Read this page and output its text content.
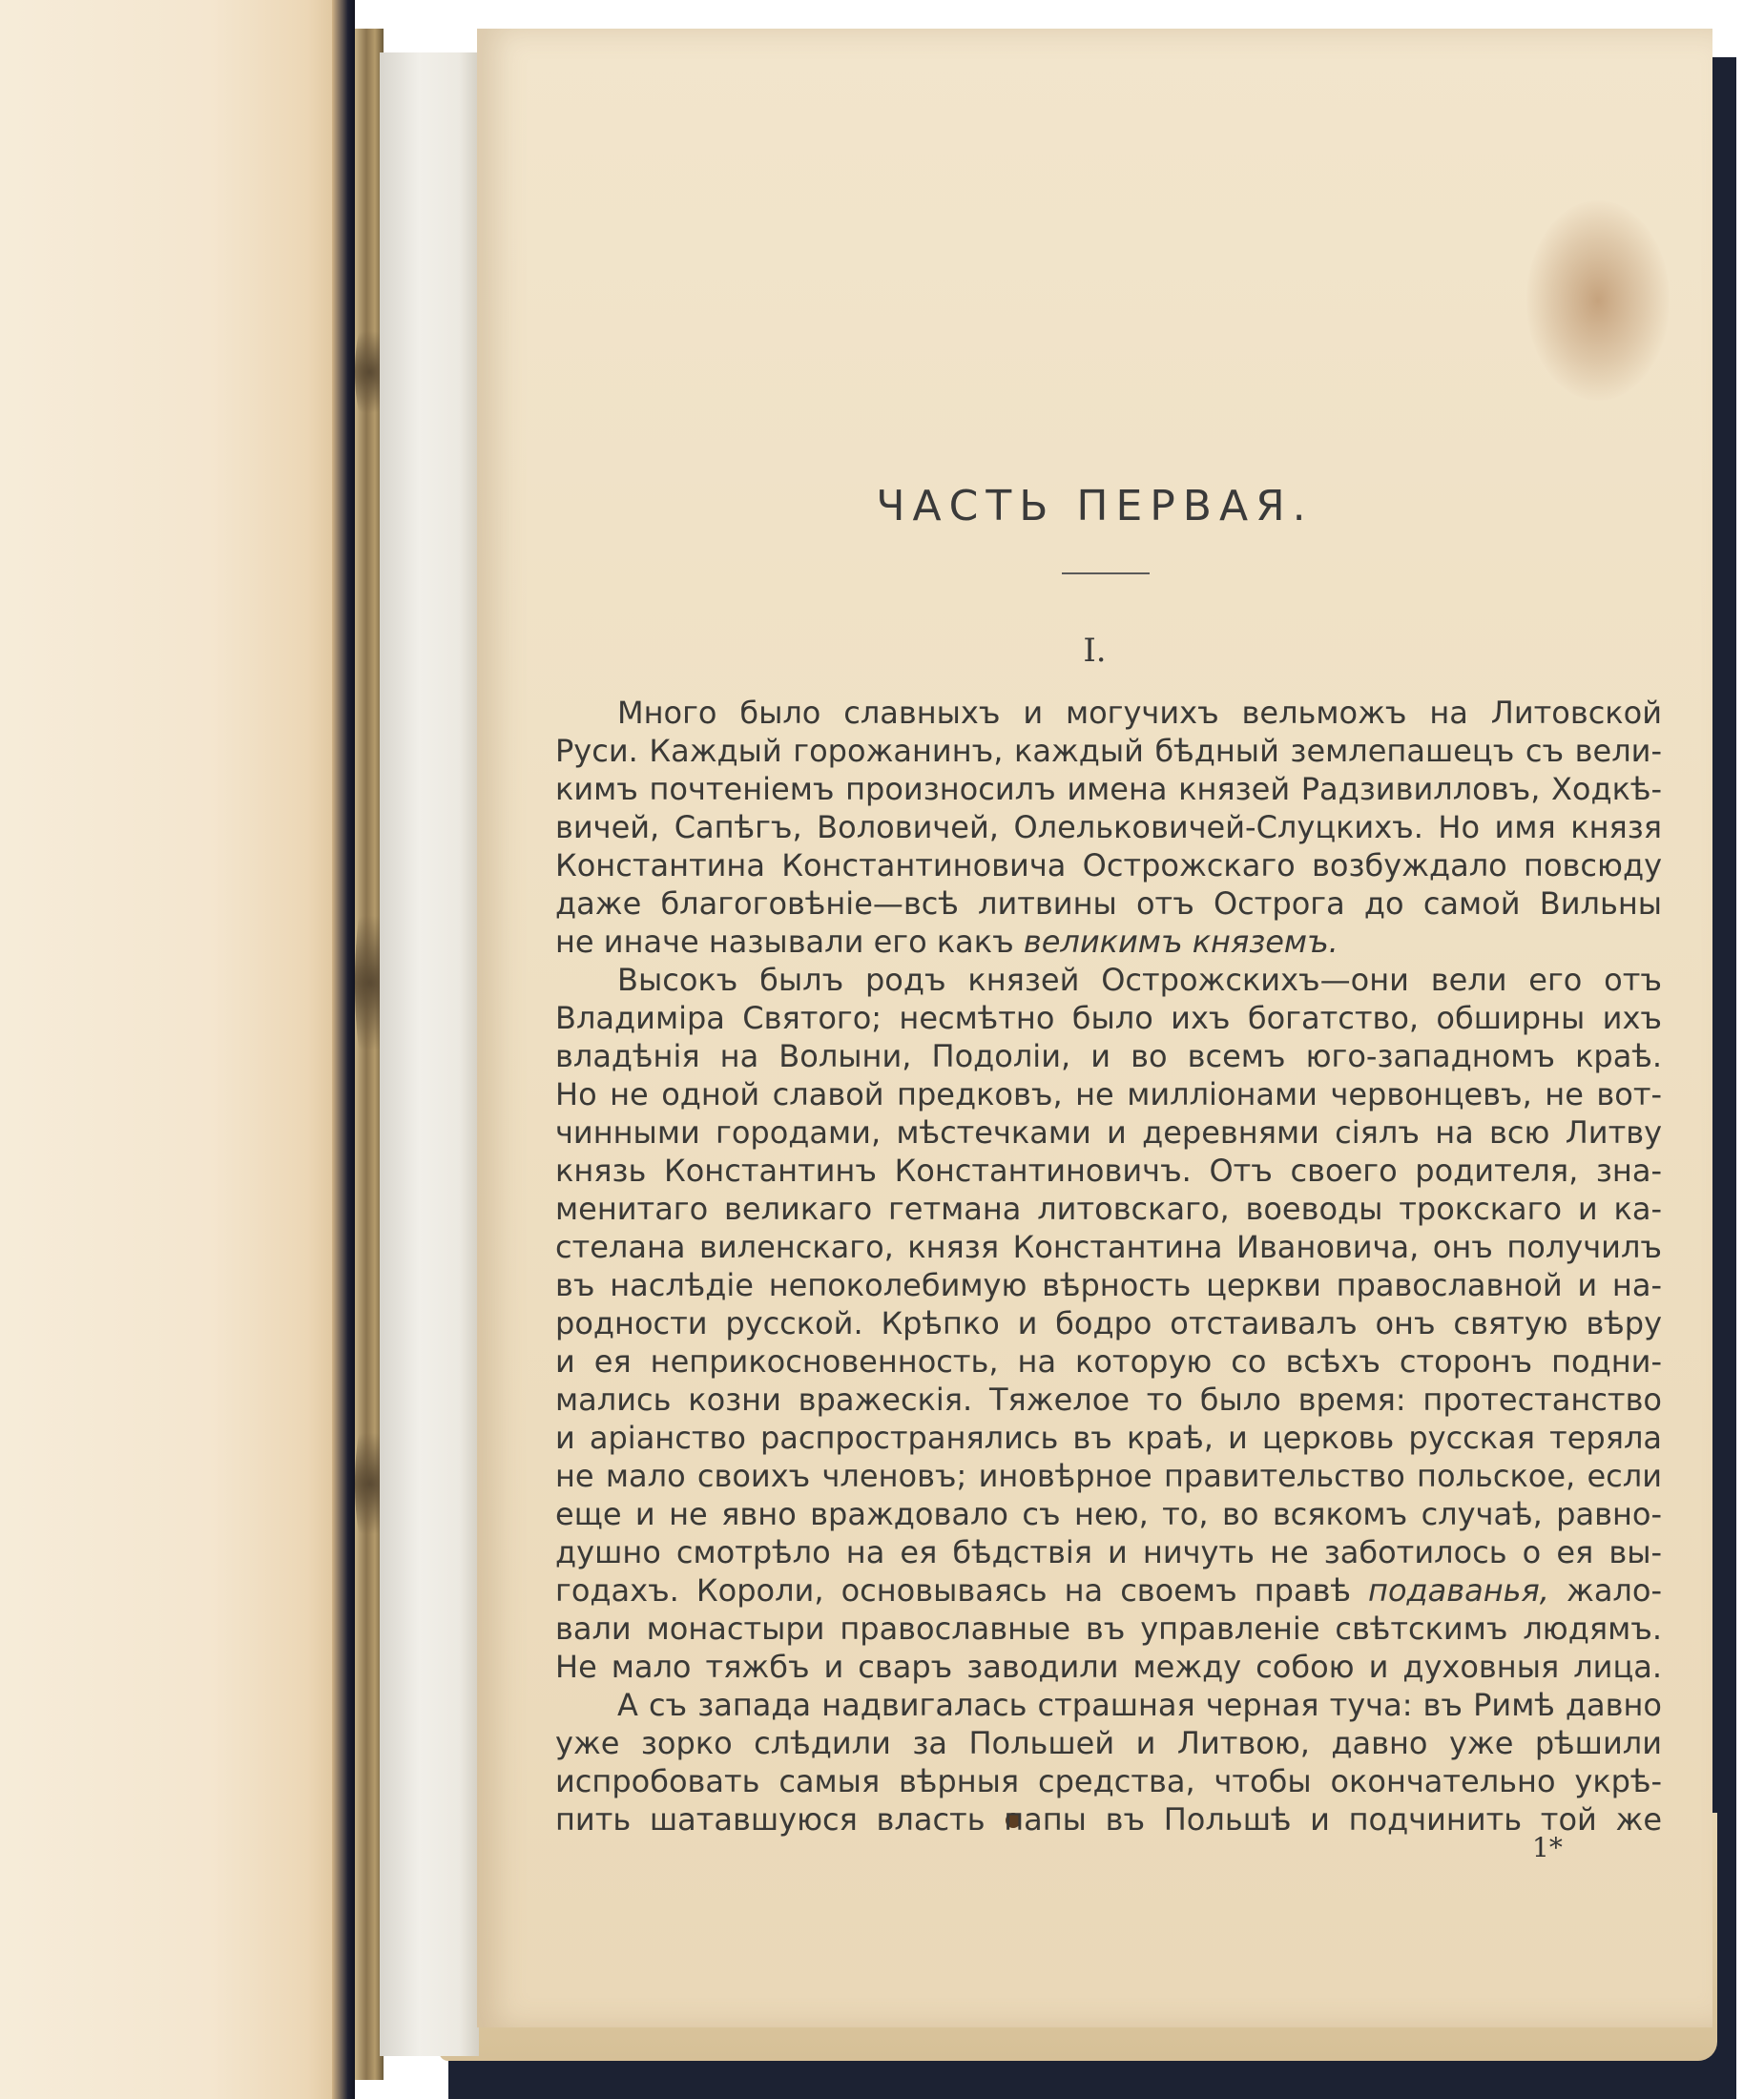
ЧАСТЬ ПЕРВАЯ.
I.
Много было славныхъ и могучихъ вельможъ на Литовской
Руси. Каждый горожанинъ, каждый бѣдный землепашецъ съ вели-
кимъ почтеніемъ произносилъ имена князей Радзивилловъ, Ходкѣ-
вичей, Сапѣгъ, Воловичей, Олельковичей-Слуцкихъ. Но имя князя
Константина Константиновича Острожскаго возбуждало повсюду
даже благоговѣніе—всѣ литвины отъ Острога до самой Вильны
не иначе называли его какъ великимъ княземъ.
Высокъ былъ родъ князей Острожскихъ—они вели его отъ
Владиміра Святого; несмѣтно было ихъ богатство, обширны ихъ
владѣнія на Волыни, Подоліи, и во всемъ юго-западномъ краѣ.
Но не одной славой предковъ, не милліонами червонцевъ, не вот-
чинными городами, мѣстечками и деревнями сіялъ на всю Литву
князь Константинъ Константиновичъ. Отъ своего родителя, зна-
менитаго великаго гетмана литовскаго, воеводы трокскаго и ка-
стелана виленскаго, князя Константина Ивановича, онъ получилъ
въ наслѣдіе непоколебимую вѣрность церкви православной и на-
родности русской. Крѣпко и бодро отстаивалъ онъ святую вѣру
и ея неприкосновенность, на которую со всѣхъ сторонъ подни-
мались козни вражескія. Тяжелое то было время: протестанство
и аріанство распространялись въ краѣ, и церковь русская теряла
не мало своихъ членовъ; иновѣрное правительство польское, если
еще и не явно враждовало съ нею, то, во всякомъ случаѣ, равно-
душно смотрѣло на ея бѣдствія и ничуть не заботилось о ея вы-
годахъ. Короли, основываясь на своемъ правѣ подаванья, жало-
вали монастыри православные въ управленіе свѣтскимъ людямъ.
Не мало тяжбъ и сваръ заводили между собою и духовныя лица.
А съ запада надвигалась страшная черная туча: въ Римѣ давно
уже зорко слѣдили за Польшей и Литвою, давно уже рѣшили
испробовать самыя вѣрныя средства, чтобы окончательно укрѣ-
пить шатавшуюся власть папы въ Польшѣ и подчинить той же
1*
